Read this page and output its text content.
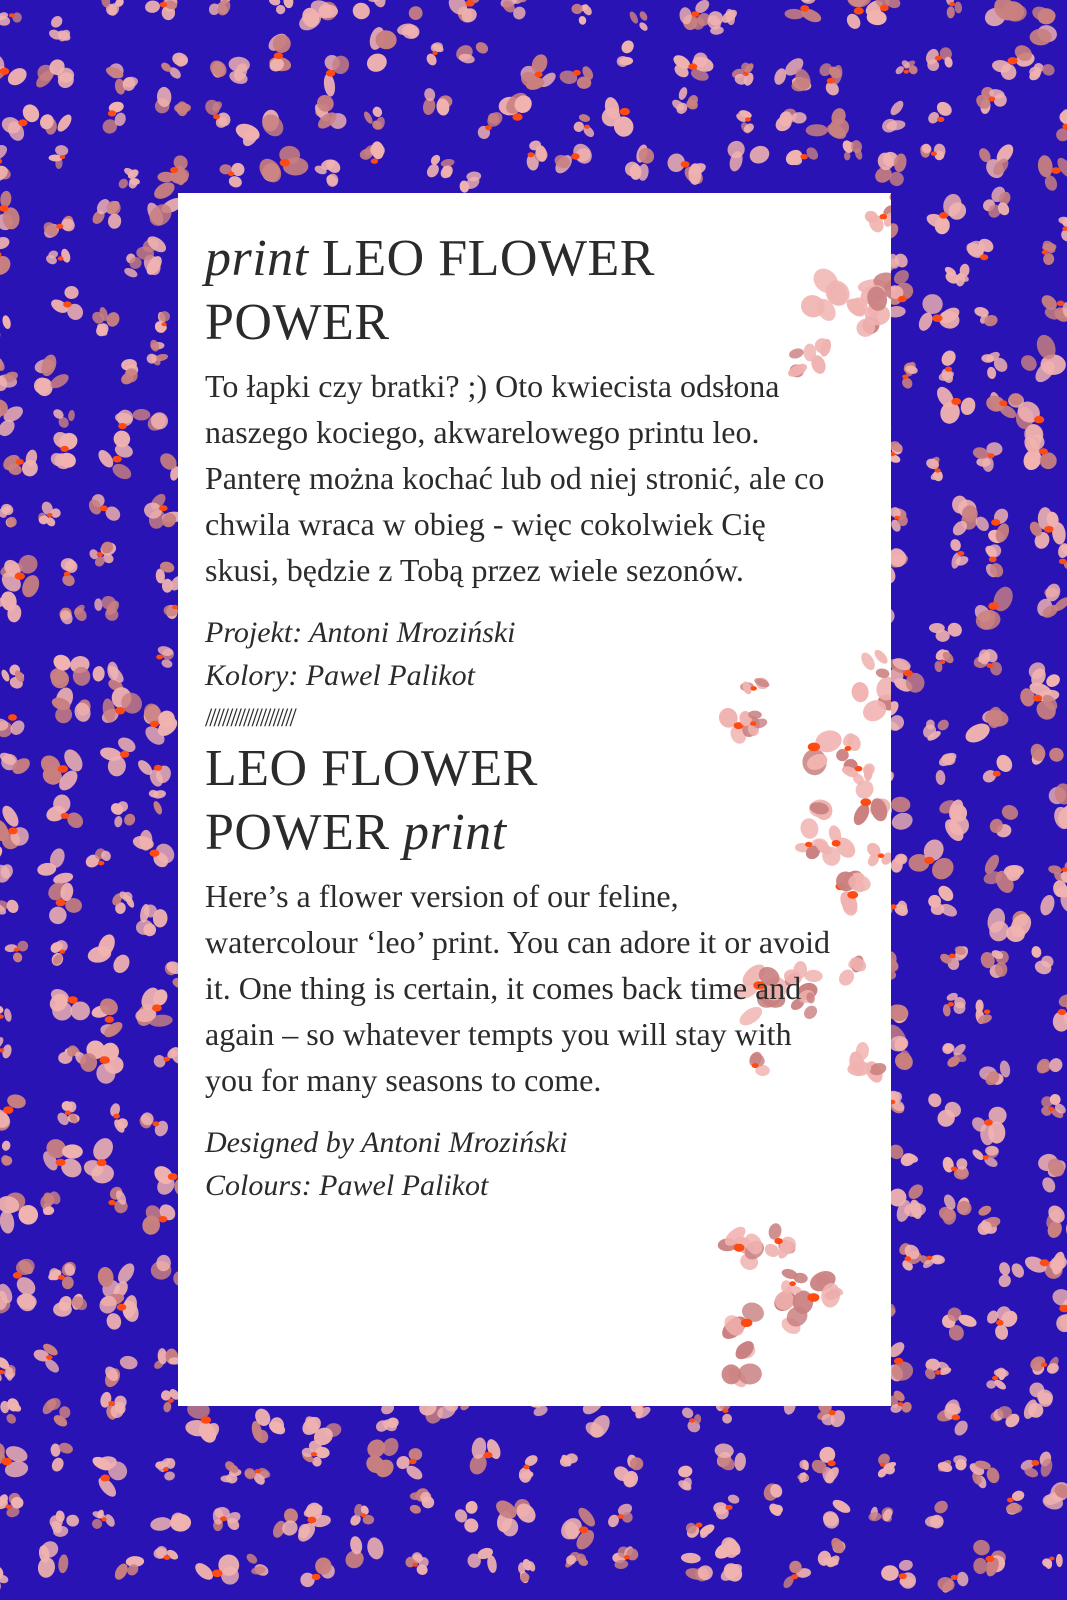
print LEO FLOWER
POWER

To łapki czy bratki? ;) Oto kwiecista odsłona naszego kociego, akwarelowego printu leo. Panterę można kochać lub od niej stronić, ale co chwila wraca w obieg - więc cokolwiek Cię skusi, będzie z Tobą przez wiele sezonów.

Projekt: Antoni Mroziński
Kolory: Pawel Palikot

/////////////////////
LEO FLOWER
POWER print

Here’s a flower version of our feline, watercolour ‘leo’ print. You can adore it or avoid it. One thing is certain, it comes back time and again – so whatever tempts you will stay with you for many seasons to come.

Designed by Antoni Mroziński
Colours: Pawel Palikot
